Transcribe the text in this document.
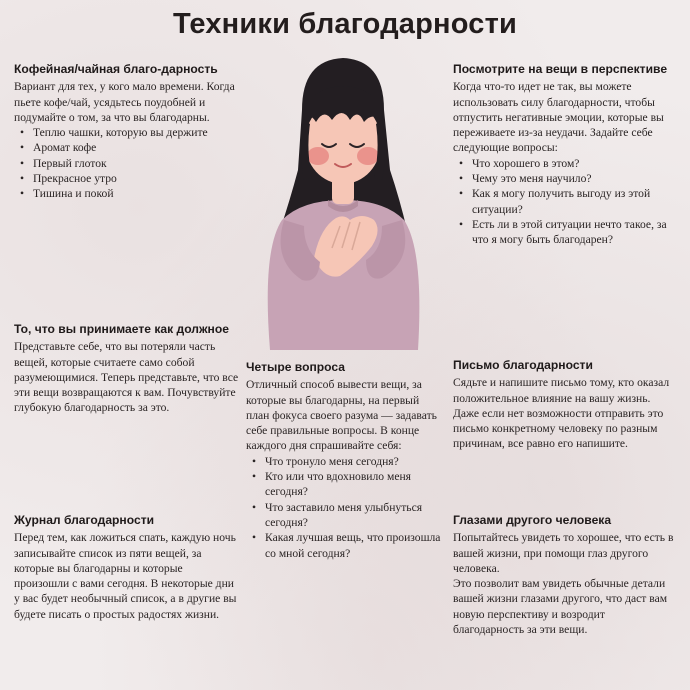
Техники благодарности
Кофейная/чайная благо-дарность

Вариант для тех, у кого мало времени. Когда пьете кофе/чай, усядьтесь поудобней и подумайте о том, за что вы благодарны.

• Теплю чашки, которую вы держите
• Аромат кофе
• Первый глоток
• Прекрасное утро
• Тишина и покой
Посмотрите на вещи в перспективе

Когда что-то идет не так, вы можете использовать силу благодарности, чтобы отпустить негативные эмоции, которые вы переживаете из-за неудачи. Задайте себе следующие вопросы:

• Что хорошего в этом?
• Чему это меня научило?
• Как я могу получить выгоду из этой ситуации?
• Есть ли в этой ситуации нечто такое, за что я могу быть благодарен?
То, что вы принимаете как должное

Представьте себе, что вы потеряли часть вещей, которые считаете само собой разумеющимися. Теперь представьте, что все эти вещи возвращаются к вам. Почувствуйте глубокую благодарность за это.

Четыре вопроса

Отличный способ вывести вещи, за которые вы благодарны, на первый план фокуса своего разума — задавать себе правильные вопросы. В конце каждого дня спрашивайте себя:

• Что тронуло меня сегодня?
• Кто или что вдохновило меня сегодня?
• Что заставило меня улыбнуться сегодня?
• Какая лучшая вещь, что произошла со мной сегодня?
Письмо благодарности

Сядьте и напишите письмо тому, кто оказал положительное влияние на вашу жизнь. Даже если нет возможности отправить это письмо конкретному человеку по разным причинам, все равно его напишите.

Журнал благодарности

Перед тем, как ложиться спать, каждую ночь записывайте список из пяти вещей, за которые вы благодарны и которые произошли с вами сегодня. В некоторые дни у вас будет необычный список, а в другие вы будете писать о простых радостях жизни.

Глазами другого человека

Попытайтесь увидеть то хорошее, что есть в вашей жизни, при помощи глаз другого человека.

Это позволит вам увидеть обычные детали вашей жизни глазами другого, что даст вам новую перспективу и возродит благодарность за эти вещи.
